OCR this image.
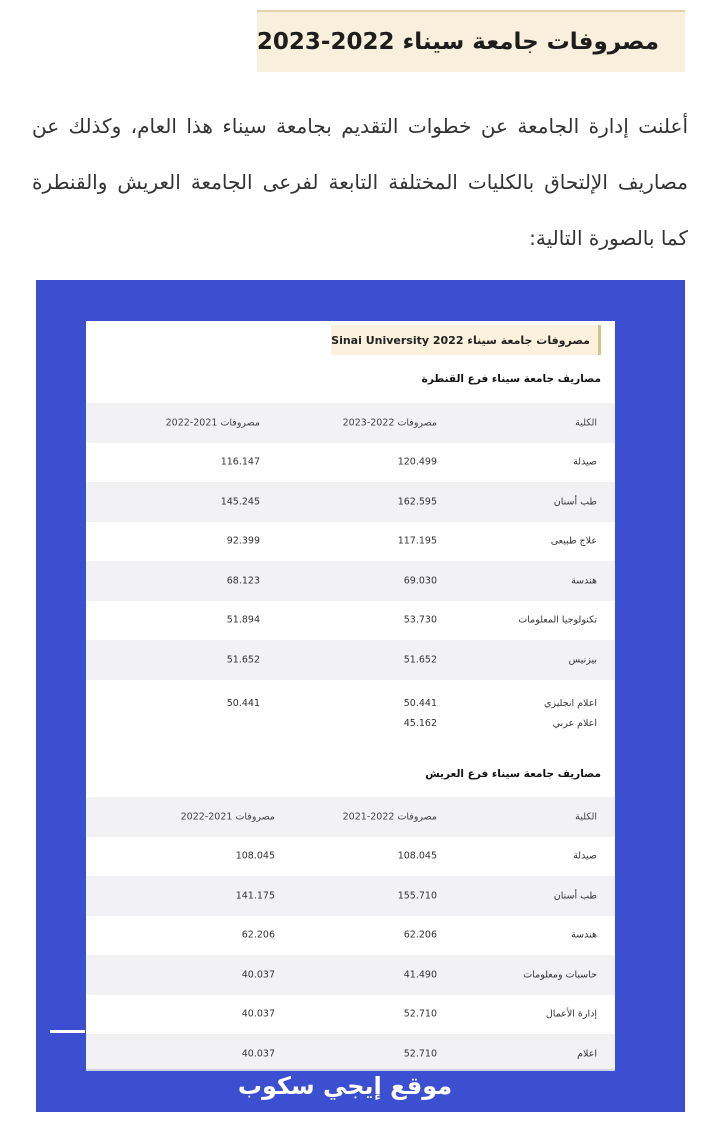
مصروفات جامعة سيناء 2022-2023

أعلنت إدارة الجامعة عن خطوات التقديم بجامعة سيناء هذا العام، وكذلك عن مصاريف الإلتحاق بالكليات المختلفة التابعة لفرعى الجامعة العريش والقنطرة كما بالصورة التالية:

مصروفات جامعة سيناء Sinai University 2022
مصاريف جامعة سيناء فرع القنطرة
الكلية
مصروفات 2022-2023
مصروفات 2021-2022
صيدلة
120.499
116.147
طب أسنان
162.595
145.245
علاج طبيعى
117.195
92.399
هندسة
69.030
68.123
تكنولوجيا المعلومات
53.730
51.894
بيزنيس
51.652
51.652
اعلام انجليزي
اعلام عربي
50.441
45.162
50.441
مصاريف جامعة سيناء فرع العريش
الكلية
مصروفات 2022-2021
مصروفات 2021-2022
صيدلة
108.045
108.045
طب أسنان
155.710
141.175
هندسة
62.206
62.206
حاسبات ومعلومات
41.490
40.037
إدارة الأعمال
52.710
40.037
اعلام
52.710
40.037
موقع إيجي سكوب
